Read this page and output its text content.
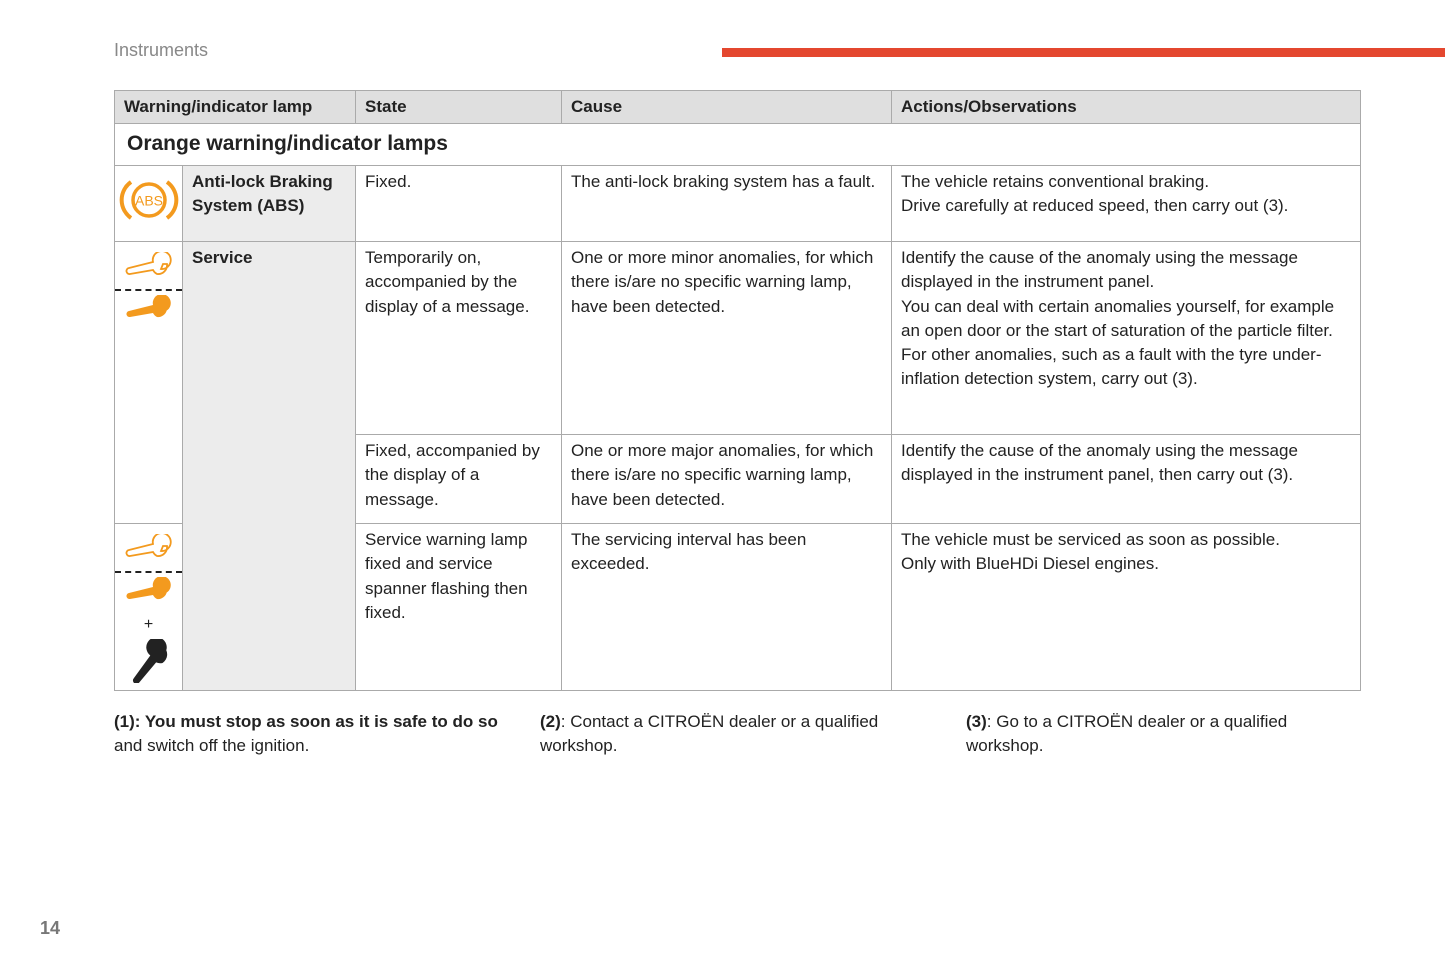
Instruments
Warning/indicator lamp		State	Cause	Actions/Observations
Orange warning/indicator lamps				

ABS	Anti-lock Braking System (ABS)	Fixed.	The anti-lock braking system has a fault.	The vehicle retains conventional braking.
Drive carefully at reduced speed, then carry out (3).

	Service	Temporarily on, accompanied by the display of a message.	One or more minor anomalies, for which there is/are no specific warning lamp, have been detected.	Identify the cause of the anomaly using the message displayed in the instrument panel.
You can deal with certain anomalies yourself, for example an open door or the start of saturation of the particle filter.
For other anomalies, such as a fault with the tyre under-inflation detection system, carry out (3).

		Fixed, accompanied by the display of a message.	One or more major anomalies, for which there is/are no specific warning lamp, have been detected.	Identify the cause of the anomaly using the message displayed in the instrument panel, then carry out (3).

+		Service warning lamp fixed and service spanner flashing then fixed.	The servicing interval has been exceeded.	The vehicle must be serviced as soon as possible.
Only with BlueHDi Diesel engines.
(1): You must stop as soon as it is safe to do so and switch off the ignition.
(2): Contact a CITROËN dealer or a qualified workshop.
(3): Go to a CITROËN dealer or a qualified workshop.
14
